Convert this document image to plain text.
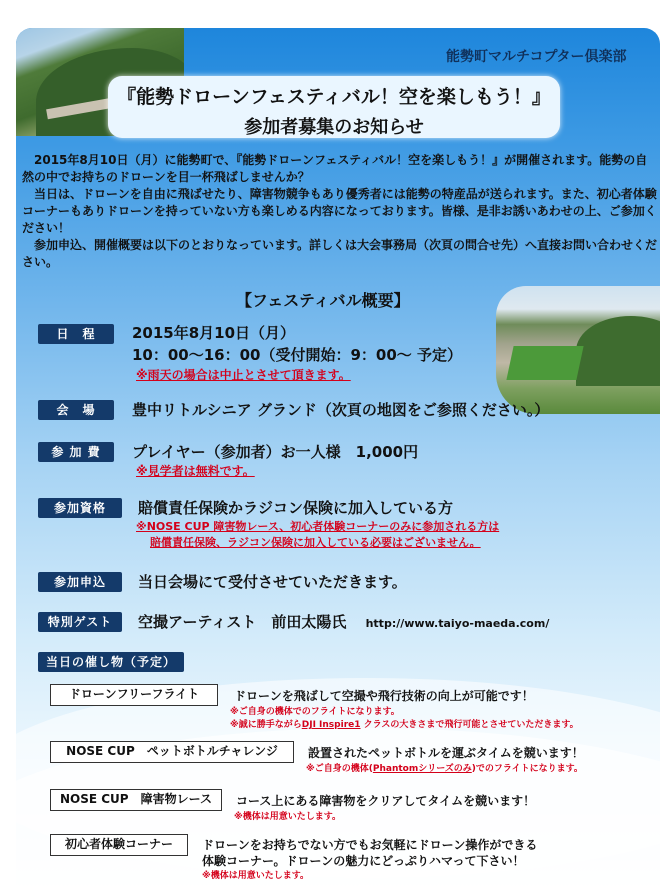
能勢町マルチコプター倶楽部
『能勢ドローンフェスティバル！空を楽しもう！』
参加者募集のお知らせ

2015年8月10日（月）に能勢町で、『能勢ドローンフェスティバル！空を楽しもう！』が開催されます。能勢の自然の中でお持ちのドローンを目一杯飛ばしませんか？

当日は、ドローンを自由に飛ばせたり、障害物競争もあり優秀者には能勢の特産品が送られます。また、初心者体験コーナーもありドローンを持っていない方も楽しめる内容になっております。皆様、是非お誘いあわせの上、ご参加ください！

参加申込、開催概要は以下のとおりなっています。詳しくは大会事務局（次頁の問合せ先）へ直接お問い合わせください。

【フェスティバル概要】
日　程	2015年8月10日（月）
10：00〜16：00（受付開始：9：00〜 予定）
※雨天の場合は中止とさせて頂きます。
会　場	豊中リトルシニア グランド（次頁の地図をご参照ください。）
参 加 費	プレイヤー（参加者）お一人様　1,000円
※見学者は無料です。
参加資格	賠償責任保険かラジコン保険に加入している方
※NOSE CUP 障害物レース、初心者体験コーナーのみに参加される方は
賠償責任保険、ラジコン保険に加入している必要はございません。
参加申込	当日会場にて受付させていただきます。
特別ゲスト	空撮アーティスト　前田太陽氏 http://www.taiyo-maeda.com/
当日の催し物（予定）
ドローンフリーフライト	ドローンを飛ばして空撮や飛行技術の向上が可能です！
※ご自身の機体でのフライトになります。
※誠に勝手ながらDJI Inspire1 クラスの大きさまで飛行可能とさせていただきます。
NOSE CUP　ペットボトルチャレンジ	設置されたペットボトルを運ぶタイムを競います！
※ご自身の機体(Phantomシリーズのみ)でのフライトになります。
NOSE CUP　障害物レース	コース上にある障害物をクリアしてタイムを競います！
※機体は用意いたします。
初心者体験コーナー	ドローンをお持ちでない方でもお気軽にドローン操作ができる
体験コーナー。ドローンの魅力にどっぷりハマって下さい！
※機体は用意いたします。
